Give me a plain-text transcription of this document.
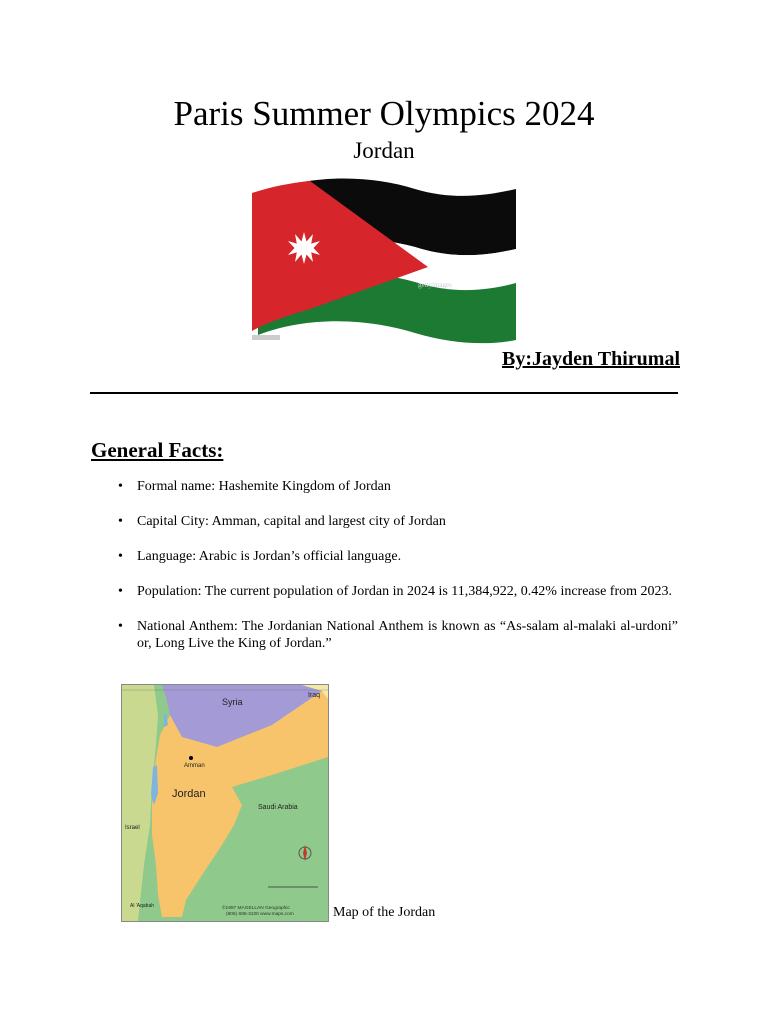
Paris Summer Olympics 2024
Jordan
gettyimages
By:Jayden Thirumal
General Facts:
• Formal name: Hashemite Kingdom of Jordan
• Capital City: Amman, capital and largest city of Jordan
• Language: Arabic is Jordan’s official language.
• Population: The current population of Jordan in 2024 is 11,384,922, 0.42% increase from 2023.
• National Anthem: The Jordanian National Anthem is known as “As-salam al-malaki al-urdoni” or, Long Live the King of Jordan.”
Syria
Iraq
Jordan
Saudi Arabia
Israel
Amman
Al 'Aqabah	©1997 MAGELLAN Geographic
(805) 685-3100 www.maps.com	Map of the Jordan
